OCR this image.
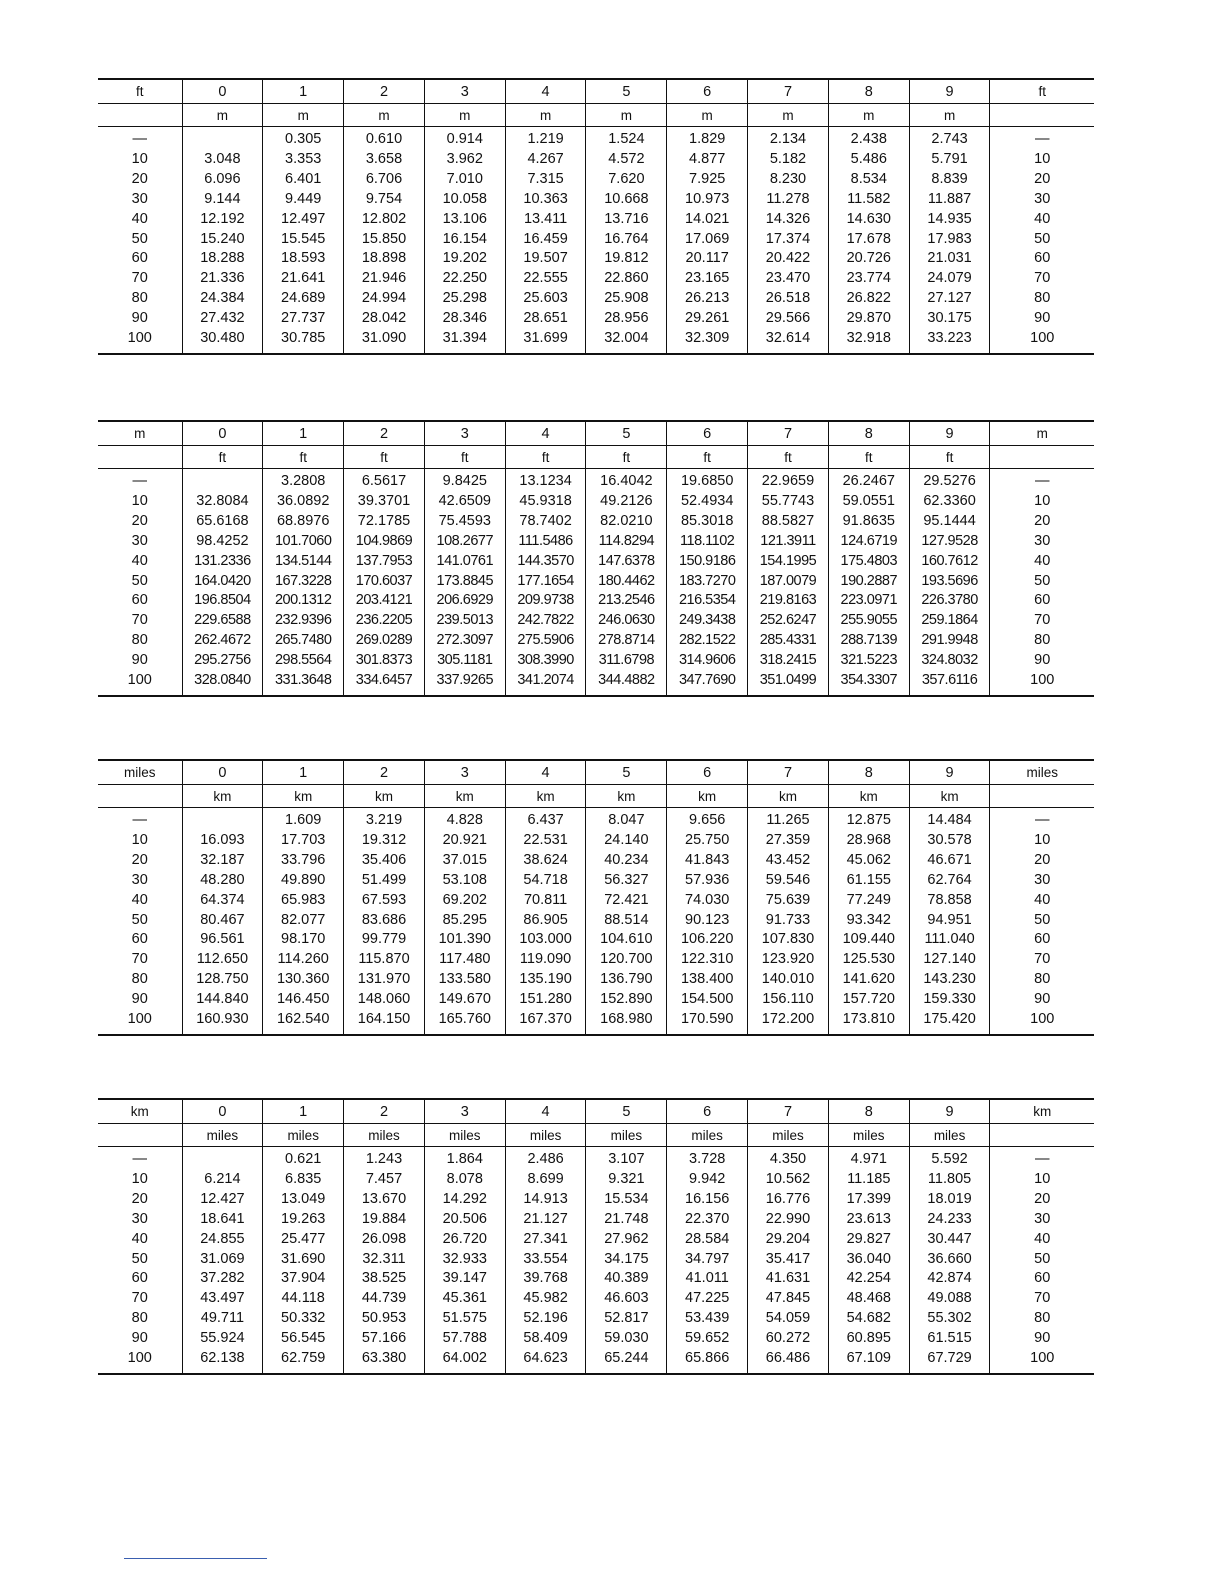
ft	0	1	2	3	4	5	6	7	8	9	ft
	m	m	m	m	m	m	m	m	m	m	
—		0.305	0.610	0.914	1.219	1.524	1.829	2.134	2.438	2.743	—
10	3.048	3.353	3.658	3.962	4.267	4.572	4.877	5.182	5.486	5.791	10
20	6.096	6.401	6.706	7.010	7.315	7.620	7.925	8.230	8.534	8.839	20
30	9.144	9.449	9.754	10.058	10.363	10.668	10.973	11.278	11.582	11.887	30
40	12.192	12.497	12.802	13.106	13.411	13.716	14.021	14.326	14.630	14.935	40
50	15.240	15.545	15.850	16.154	16.459	16.764	17.069	17.374	17.678	17.983	50
60	18.288	18.593	18.898	19.202	19.507	19.812	20.117	20.422	20.726	21.031	60
70	21.336	21.641	21.946	22.250	22.555	22.860	23.165	23.470	23.774	24.079	70
80	24.384	24.689	24.994	25.298	25.603	25.908	26.213	26.518	26.822	27.127	80
90	27.432	27.737	28.042	28.346	28.651	28.956	29.261	29.566	29.870	30.175	90
100	30.480	30.785	31.090	31.394	31.699	32.004	32.309	32.614	32.918	33.223	100
m	0	1	2	3	4	5	6	7	8	9	m
	ft	ft	ft	ft	ft	ft	ft	ft	ft	ft	
—		3.2808	6.5617	9.8425	13.1234	16.4042	19.6850	22.9659	26.2467	29.5276	—
10	32.8084	36.0892	39.3701	42.6509	45.9318	49.2126	52.4934	55.7743	59.0551	62.3360	10
20	65.6168	68.8976	72.1785	75.4593	78.7402	82.0210	85.3018	88.5827	91.8635	95.1444	20
30	98.4252	101.7060	104.9869	108.2677	111.5486	114.8294	118.1102	121.3911	124.6719	127.9528	30
40	131.2336	134.5144	137.7953	141.0761	144.3570	147.6378	150.9186	154.1995	175.4803	160.7612	40
50	164.0420	167.3228	170.6037	173.8845	177.1654	180.4462	183.7270	187.0079	190.2887	193.5696	50
60	196.8504	200.1312	203.4121	206.6929	209.9738	213.2546	216.5354	219.8163	223.0971	226.3780	60
70	229.6588	232.9396	236.2205	239.5013	242.7822	246.0630	249.3438	252.6247	255.9055	259.1864	70
80	262.4672	265.7480	269.0289	272.3097	275.5906	278.8714	282.1522	285.4331	288.7139	291.9948	80
90	295.2756	298.5564	301.8373	305.1181	308.3990	311.6798	314.9606	318.2415	321.5223	324.8032	90
100	328.0840	331.3648	334.6457	337.9265	341.2074	344.4882	347.7690	351.0499	354.3307	357.6116	100
miles	0	1	2	3	4	5	6	7	8	9	miles
	km	km	km	km	km	km	km	km	km	km	
—		1.609	3.219	4.828	6.437	8.047	9.656	11.265	12.875	14.484	—
10	16.093	17.703	19.312	20.921	22.531	24.140	25.750	27.359	28.968	30.578	10
20	32.187	33.796	35.406	37.015	38.624	40.234	41.843	43.452	45.062	46.671	20
30	48.280	49.890	51.499	53.108	54.718	56.327	57.936	59.546	61.155	62.764	30
40	64.374	65.983	67.593	69.202	70.811	72.421	74.030	75.639	77.249	78.858	40
50	80.467	82.077	83.686	85.295	86.905	88.514	90.123	91.733	93.342	94.951	50
60	96.561	98.170	99.779	101.390	103.000	104.610	106.220	107.830	109.440	111.040	60
70	112.650	114.260	115.870	117.480	119.090	120.700	122.310	123.920	125.530	127.140	70
80	128.750	130.360	131.970	133.580	135.190	136.790	138.400	140.010	141.620	143.230	80
90	144.840	146.450	148.060	149.670	151.280	152.890	154.500	156.110	157.720	159.330	90
100	160.930	162.540	164.150	165.760	167.370	168.980	170.590	172.200	173.810	175.420	100
km	0	1	2	3	4	5	6	7	8	9	km
	miles	miles	miles	miles	miles	miles	miles	miles	miles	miles	
—		0.621	1.243	1.864	2.486	3.107	3.728	4.350	4.971	5.592	—
10	6.214	6.835	7.457	8.078	8.699	9.321	9.942	10.562	11.185	11.805	10
20	12.427	13.049	13.670	14.292	14.913	15.534	16.156	16.776	17.399	18.019	20
30	18.641	19.263	19.884	20.506	21.127	21.748	22.370	22.990	23.613	24.233	30
40	24.855	25.477	26.098	26.720	27.341	27.962	28.584	29.204	29.827	30.447	40
50	31.069	31.690	32.311	32.933	33.554	34.175	34.797	35.417	36.040	36.660	50
60	37.282	37.904	38.525	39.147	39.768	40.389	41.011	41.631	42.254	42.874	60
70	43.497	44.118	44.739	45.361	45.982	46.603	47.225	47.845	48.468	49.088	70
80	49.711	50.332	50.953	51.575	52.196	52.817	53.439	54.059	54.682	55.302	80
90	55.924	56.545	57.166	57.788	58.409	59.030	59.652	60.272	60.895	61.515	90
100	62.138	62.759	63.380	64.002	64.623	65.244	65.866	66.486	67.109	67.729	100
